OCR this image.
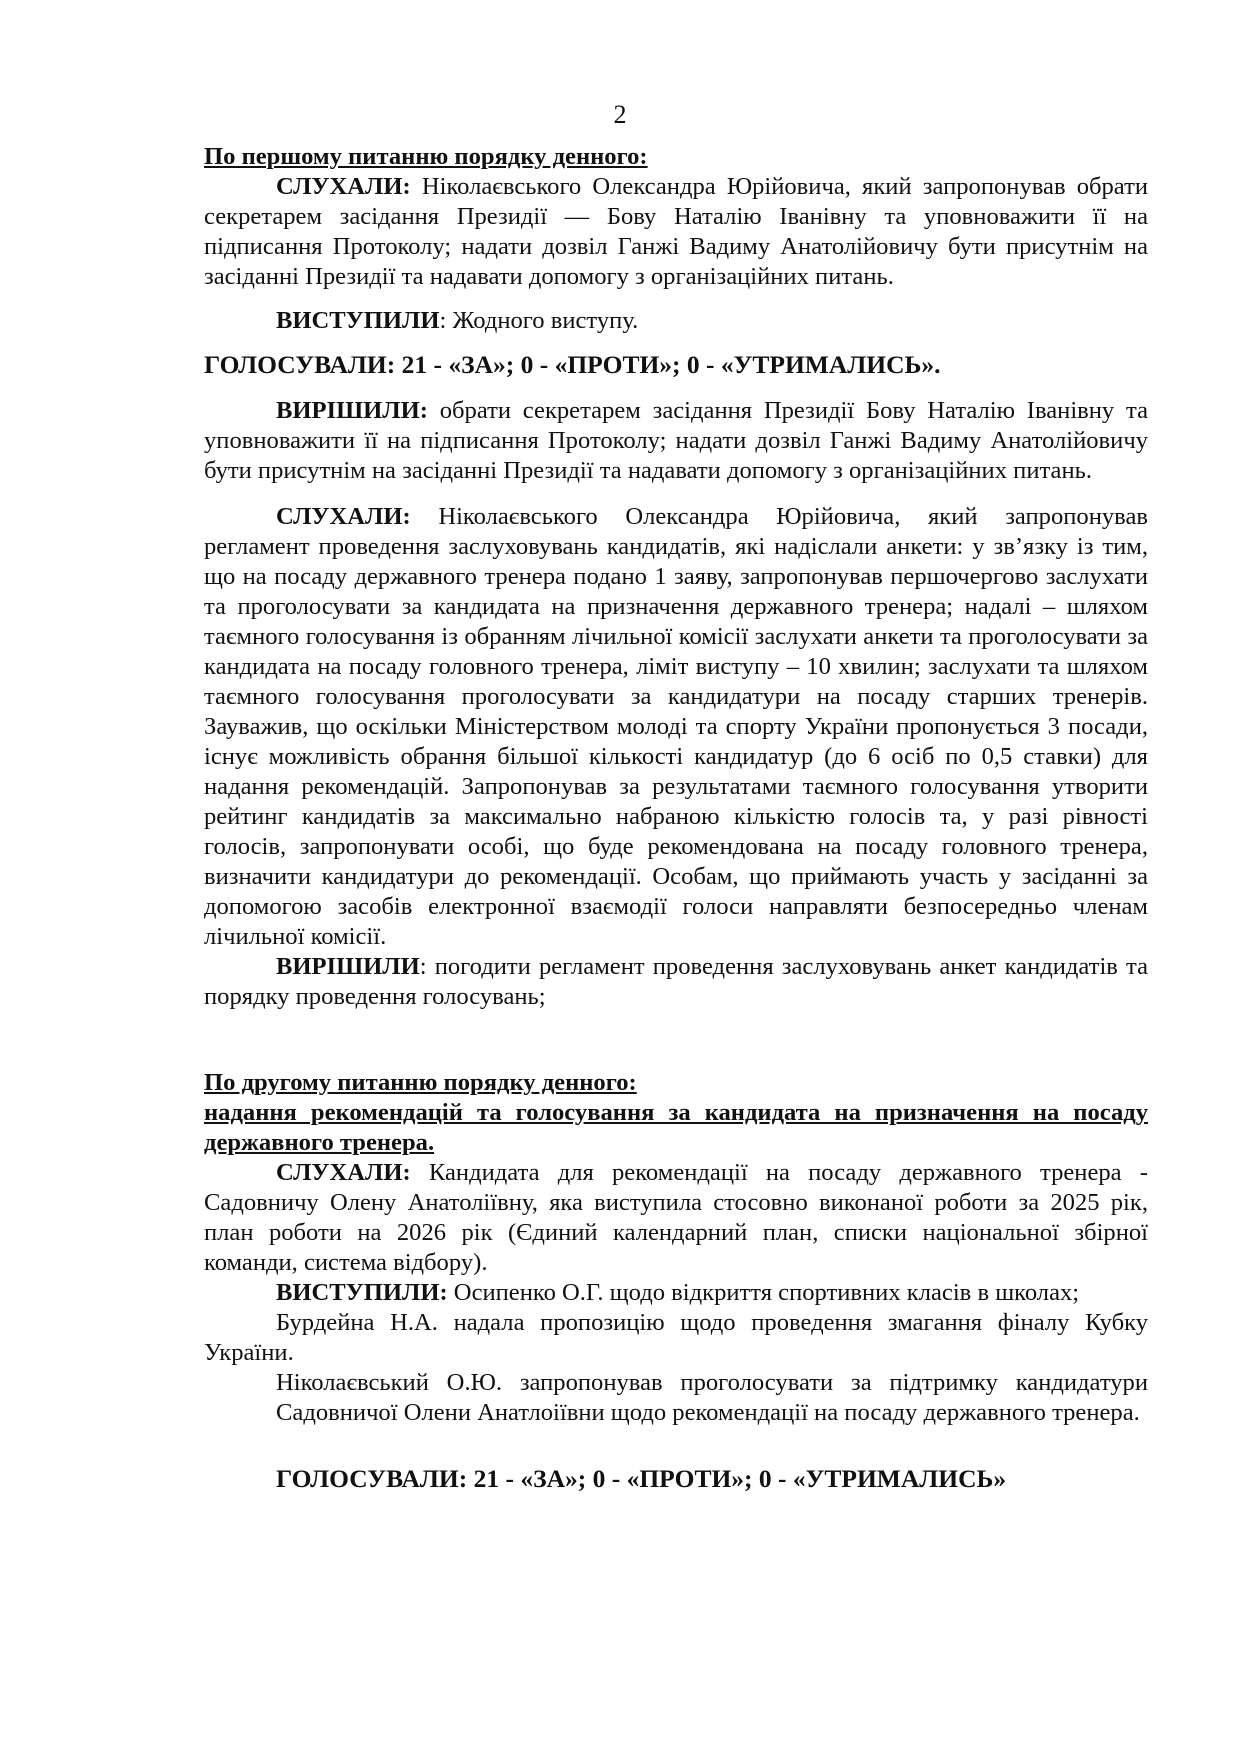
2

По першому питанню порядку денного:

СЛУХАЛИ: Ніколаєвського Олександра Юрійовича, який запропонував обрати секретарем засідання Президії — Бову Наталію Іванівну та уповноважити її на підписання Протоколу; надати дозвіл Ганжі Вадиму Анатолійовичу бути присутнім на засіданні Президії та надавати допомогу з організаційних питань.

ВИСТУПИЛИ: Жодного виступу.

ГОЛОСУВАЛИ: 21 - «ЗА»; 0 - «ПРОТИ»; 0 - «УТРИМАЛИСЬ».

ВИРІШИЛИ: обрати секретарем засідання Президії Бову Наталію Іванівну та уповноважити її на підписання Протоколу; надати дозвіл Ганжі Вадиму Анатолійовичу бути присутнім на засіданні Президії та надавати допомогу з організаційних питань.

СЛУХАЛИ: Ніколаєвського Олександра Юрійовича, який запропонував регламент проведення заслуховувань кандидатів, які надіслали анкети: у зв’язку із тим, що на посаду державного тренера подано 1 заяву, запропонував першочергово заслухати та проголосувати за кандидата на призначення державного тренера; надалі – шляхом таємного голосування із обранням лічильної комісії заслухати анкети та проголосувати за кандидата на посаду головного тренера, ліміт виступу – 10 хвилин; заслухати та шляхом таємного голосування проголосувати за кандидатури на посаду старших тренерів. Зауважив, що оскільки Міністерством молоді та спорту України пропонується 3 посади, існує можливість обрання більшої кількості кандидатур (до 6 осіб по 0,5 ставки) для надання рекомендацій. Запропонував за результатами таємного голосування утворити рейтинг кандидатів за максимально набраною кількістю голосів та, у разі рівності голосів, запропонувати особі, що буде рекомендована на посаду головного тренера, визначити кандидатури до рекомендації. Особам, що приймають участь у засіданні за допомогою засобів електронної взаємодії голоси направляти безпосередньо членам лічильної комісії.

ВИРІШИЛИ: погодити регламент проведення заслуховувань анкет кандидатів та порядку проведення голосувань;

По другому питанню порядку денного:

надання рекомендацій та голосування за кандидата на призначення на посаду державного тренера.

СЛУХАЛИ: Кандидата для рекомендації на посаду державного тренера - Садовничу Олену Анатоліївну, яка виступила стосовно виконаної роботи за 2025 рік, план роботи на 2026 рік (Єдиний календарний план, списки національної збірної команди, система відбору).

ВИСТУПИЛИ: Осипенко О.Г. щодо відкриття спортивних класів в школах;

Бурдейна Н.А. надала пропозицію щодо проведення змагання фіналу Кубку України.

Ніколаєвський О.Ю. запропонував проголосувати за підтримку кандидатури Садовничої Олени Анатлоіївни щодо рекомендації на посаду державного тренера.

ГОЛОСУВАЛИ: 21 - «ЗА»; 0 - «ПРОТИ»; 0 - «УТРИМАЛИСЬ»
